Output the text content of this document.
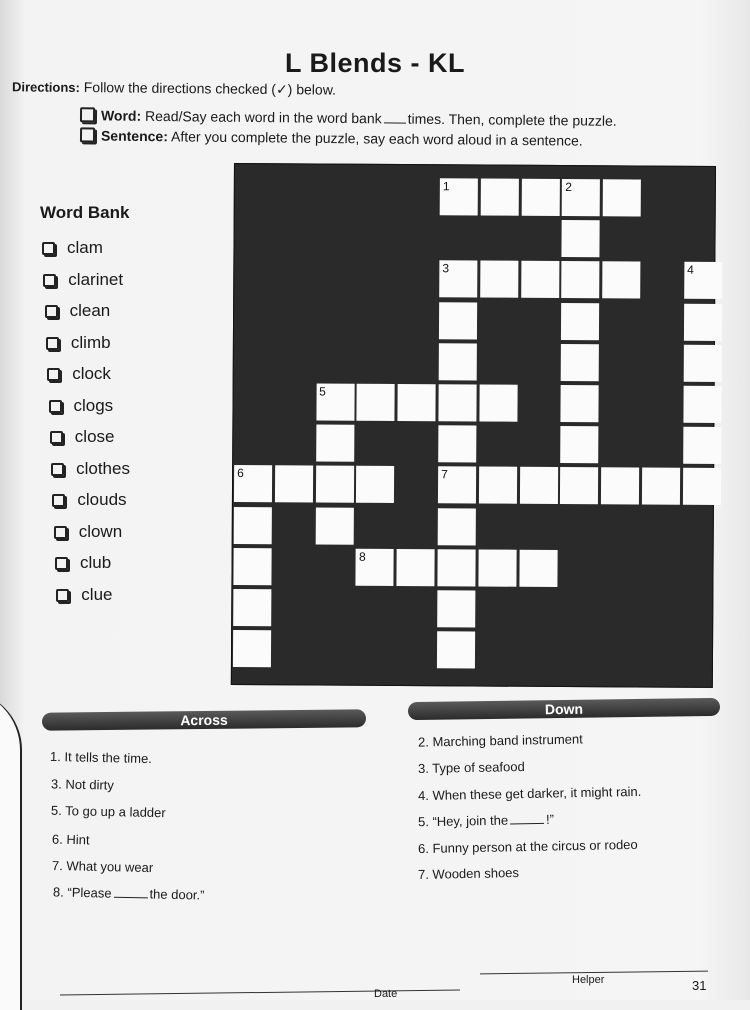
L Blends - KL
Directions: Follow the directions checked (✓) below.
Word: Read/Say each word in the word bank times. Then, complete the puzzle.
Sentence: After you complete the puzzle, say each word aloud in a sentence.
Word Bank
clam
clarinet
clean
climb
clock
clogs
close
clothes
clouds
clown
club
clue
1	2
3	4
5
6	7
8
Across
Down
1. It tells the time.
3. Not dirty
5. To go up a ladder
6. Hint
7. What you wear
8. “Please	the door.”
2. Marching band instrument
3. Type of seafood
4. When these get darker, it might rain.
5. “Hey, join the	!”
6. Funny person at the circus or rodeo
7. Wooden shoes
Date
Helper	31
